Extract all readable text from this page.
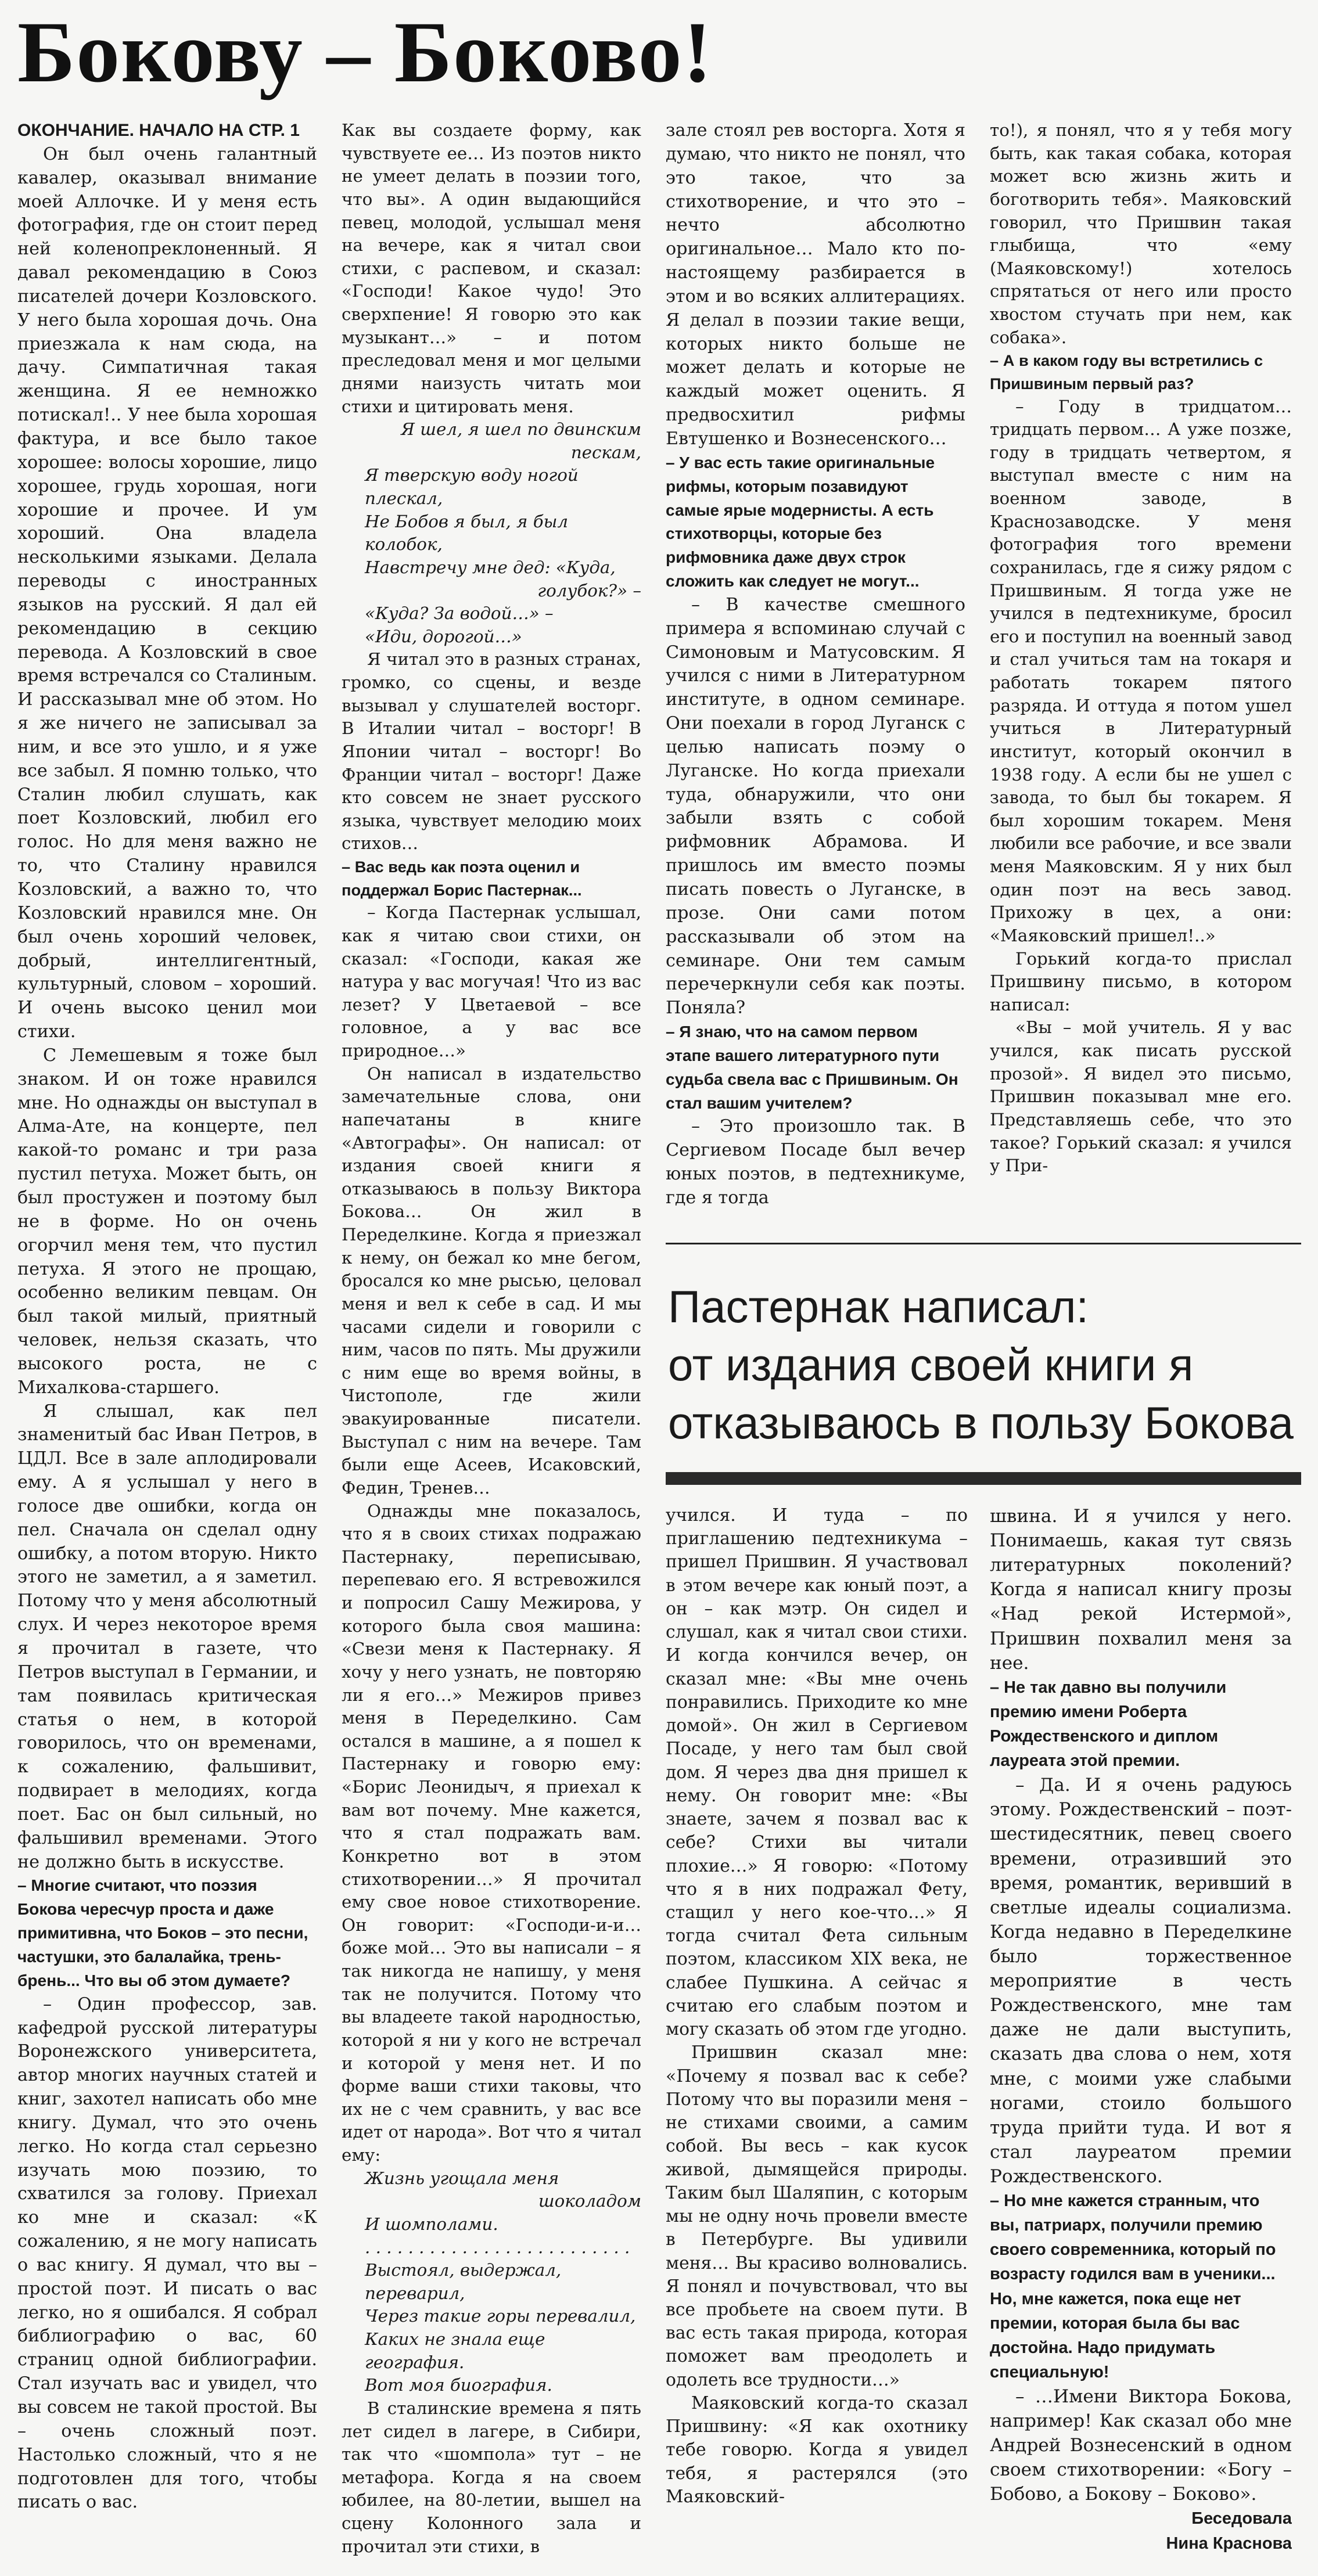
Бокову – Боково!

ОКОНЧАНИЕ. НАЧАЛО НА СТР. 1

Он был очень галантный кавалер, оказывал внимание моей Аллочке. И у меня есть фотография, где он стоит перед ней коленопреклоненный. Я давал рекомендацию в Союз писателей дочери Козловского. У него была хорошая дочь. Она приезжала к нам сюда, на дачу. Симпатичная такая женщина. Я ее немножко потискал!.. У нее была хорошая фактура, и все было такое хорошее: волосы хорошие, лицо хорошее, грудь хорошая, ноги хорошие и прочее. И ум хороший. Она владела несколькими языками. Делала переводы с иностранных языков на русский. Я дал ей рекомендацию в секцию перевода. А Козловский в свое время встречался со Сталиным. И рассказывал мне об этом. Но я же ничего не записывал за ним, и все это ушло, и я уже все забыл. Я помню только, что Сталин любил слушать, как поет Козловский, любил его голос. Но для меня важно не то, что Сталину нравился Козловский, а важно то, что Козловский нравился мне. Он был очень хороший человек, добрый, интеллигентный, культурный, словом – хороший. И очень высоко ценил мои стихи.

С Лемешевым я тоже был знаком. И он тоже нравился мне. Но однажды он выступал в Алма-Ате, на концерте, пел какой-то романс и три раза пустил петуха. Может быть, он был простужен и поэтому был не в форме. Но он очень огорчил меня тем, что пустил петуха. Я этого не прощаю, особенно великим певцам. Он был такой милый, приятный человек, нельзя сказать, что высокого роста, не с Михалкова-старшего.

Я слышал, как пел знаменитый бас Иван Петров, в ЦДЛ. Все в зале аплодировали ему. А я услышал у него в голосе две ошибки, когда он пел. Сначала он сделал одну ошибку, а потом вторую. Никто этого не заметил, а я заметил. Потому что у меня абсолютный слух. И через некоторое время я прочитал в газете, что Петров выступал в Германии, и там появилась критическая статья о нем, в которой говорилось, что он временами, к сожалению, фальшивит, подвирает в мелодиях, когда поет. Бас он был сильный, но фальшивил временами. Этого не должно быть в искусстве.

– Многие считают, что поэзия Бокова чересчур проста и даже примитивна, что Боков – это песни, частушки, это балалайка, трень-брень... Что вы об этом думаете?

– Один профессор, зав. кафедрой русской литературы Воронежского университета, автор многих научных статей и книг, захотел написать обо мне книгу. Думал, что это очень легко. Но когда стал серьезно изучать мою поэзию, то схватился за голову. Приехал ко мне и сказал: «К сожалению, я не могу написать о вас книгу. Я думал, что вы – простой поэт. И писать о вас легко, но я ошибался. Я собрал библиографию о вас, 60 страниц одной библиографии. Стал изучать вас и увидел, что вы совсем не такой простой. Вы – очень сложный поэт. Настолько сложный, что я не подготовлен для того, чтобы писать о вас.

Как вы создаете форму, как чувствуете ее… Из поэтов никто не умеет делать в поэзии того, что вы». А один выдающийся певец, молодой, услышал меня на вечере, как я читал свои стихи, с распевом, и сказал: «Господи! Какое чудо! Это сверхпение! Я говорю это как музыкант…» – и потом преследовал меня и мог целыми днями наизусть читать мои стихи и цитировать меня.

Я шел, я шел по двинским

пескам,

Я тверскую воду ногой плескал,

Не Бобов я был, я был колобок,

Навстречу мне дед: «Куда,

голубок?» –

«Куда? За водой…» –

«Иди, дорогой…»

Я читал это в разных странах, громко, со сцены, и везде вызывал у слушателей восторг. В Италии читал – восторг! В Японии читал – восторг! Во Франции читал – восторг! Даже кто совсем не знает русского языка, чувствует мелодию моих стихов…

– Вас ведь как поэта оценил и поддержал Борис Пастернак...

– Когда Пастернак услышал, как я читаю свои стихи, он сказал: «Господи, какая же натура у вас могучая! Что из вас лезет? У Цветаевой – все головное, а у вас все природное…»

Он написал в издательство замечательные слова, они напечатаны в книге «Автографы». Он написал: от издания своей книги я отказываюсь в пользу Виктора Бокова… Он жил в Переделкине. Когда я приезжал к нему, он бежал ко мне бегом, бросался ко мне рысью, целовал меня и вел к себе в сад. И мы часами сидели и говорили с ним, часов по пять. Мы дружили с ним еще во время войны, в Чистополе, где жили эвакуированные писатели. Выступал с ним на вечере. Там были еще Асеев, Исаковский, Федин, Тренев…

Однажды мне показалось, что я в своих стихах подражаю Пастернаку, переписываю, перепеваю его. Я встревожился и попросил Сашу Межирова, у которого была своя машина: «Свези меня к Пастернаку. Я хочу у него узнать, не повторяю ли я его…» Межиров привез меня в Переделкино. Сам остался в машине, а я пошел к Пастернаку и говорю ему: «Борис Леонидыч, я приехал к вам вот почему. Мне кажется, что я стал подражать вам. Конкретно вот в этом стихотворении…» Я прочитал ему свое новое стихотворение. Он говорит: «Господи-и-и… боже мой… Это вы написали – я так никогда не напишу, у меня так не получится. Потому что вы владеете такой народностью, которой я ни у кого не встречал и которой у меня нет. И по форме ваши стихи таковы, что их не с чем сравнить, у вас все идет от народа». Вот что я читал ему:

Жизнь угощала меня

шоколадом

И шомполами.

. . . . . . . . . . . . . . . . . . . . . . . . .

Выстоял, выдержал, переварил,

Через такие горы перевалил,

Каких не знала еще география.

Вот моя биография.

В сталинские времена я пять лет сидел в лагере, в Сибири, так что «шомпола» тут – не метафора. Когда я на своем юбилее, на 80-летии, вышел на сцену Колонного зала и прочитал эти стихи, в

зале стоял рев восторга. Хотя я думаю, что никто не понял, что это такое, что за стихотворение, и что это – нечто абсолютно оригинальное… Мало кто по-настоящему разбирается в этом и во всяких аллитерациях. Я делал в поэзии такие вещи, которых никто больше не может делать и которые не каждый может оценить. Я предвосхитил рифмы Евтушенко и Вознесенского…

– У вас есть такие оригинальные рифмы, которым позавидуют самые ярые модернисты. А есть стихотворцы, которые без рифмовника даже двух строк сложить как следует не могут...

– В качестве смешного примера я вспоминаю случай с Симоновым и Матусовским. Я учился с ними в Литературном институте, в одном семинаре. Они поехали в город Луганск с целью написать поэму о Луганске. Но когда приехали туда, обнаружили, что они забыли взять с собой рифмовник Абрамова. И пришлось им вместо поэмы писать повесть о Луганске, в прозе. Они сами потом рассказывали об этом на семинаре. Они тем самым перечеркнули себя как поэты. Поняла?

– Я знаю, что на самом первом этапе вашего литературного пути судьба свела вас с Пришвиным. Он стал вашим учителем?

– Это произошло так. В Сергиевом Посаде был вечер юных поэтов, в педтехникуме, где я тогда

то!), я понял, что я у тебя могу быть, как такая собака, которая может всю жизнь жить и боготворить тебя». Маяковский говорил, что Пришвин такая глыбища, что «ему (Маяковскому!) хотелось спрятаться от него или просто хвостом стучать при нем, как собака».

– А в каком году вы встретились с Пришвиным первый раз?

– Году в тридцатом… тридцать первом… А уже позже, году в тридцать четвертом, я выступал вместе с ним на военном заводе, в Краснозаводске. У меня фотография того времени сохранилась, где я сижу рядом с Пришвиным. Я тогда уже не учился в педтехникуме, бросил его и поступил на военный завод и стал учиться там на токаря и работать токарем пятого разряда. И оттуда я потом ушел учиться в Литературный институт, который окончил в 1938 году. А если бы не ушел с завода, то был бы токарем. Я был хорошим токарем. Меня любили все рабочие, и все звали меня Маяковским. Я у них был один поэт на весь завод. Прихожу в цех, а они: «Маяковский пришел!..»

Горький когда-то прислал Пришвину письмо, в котором написал:

«Вы – мой учитель. Я у вас учился, как писать русской прозой». Я видел это письмо, Пришвин показывал мне его. Представляешь себе, что это такое? Горький сказал: я учился у При-

Пастернак написал:
от издания своей книги я
отказываюсь в пользу Бокова

учился. И туда – по приглашению педтехникума – пришел Пришвин. Я участвовал в этом вечере как юный поэт, а он – как мэтр. Он сидел и слушал, как я читал свои стихи. И когда кончился вечер, он сказал мне: «Вы мне очень понравились. Приходите ко мне домой». Он жил в Сергиевом Посаде, у него там был свой дом. Я через два дня пришел к нему. Он говорит мне: «Вы знаете, зачем я позвал вас к себе? Стихи вы читали плохие…» Я говорю: «Потому что я в них подражал Фету, стащил у него кое-что…» Я тогда считал Фета сильным поэтом, классиком XIX века, не слабее Пушкина. А сейчас я считаю его слабым поэтом и могу сказать об этом где угодно.

Пришвин сказал мне: «Почему я позвал вас к себе? Потому что вы поразили меня – не стихами своими, а самим собой. Вы весь – как кусок живой, дымящейся природы. Таким был Шаляпин, с которым мы не одну ночь провели вместе в Петербурге. Вы удивили меня… Вы красиво волновались. Я понял и почувствовал, что вы все пробьете на своем пути. В вас есть такая природа, которая поможет вам преодолеть и одолеть все трудности…»

Маяковский когда-то сказал Пришвину: «Я как охотнику тебе говорю. Когда я увидел тебя, я растерялся (это Маяковский-

швина. И я учился у него. Понимаешь, какая тут связь литературных поколений? Когда я написал книгу прозы «Над рекой Истермой», Пришвин похвалил меня за нее.

– Не так давно вы получили премию имени Роберта Рождественского и диплом лауреата этой премии.

– Да. И я очень радуюсь этому. Рождественский – поэт-шестидесятник, певец своего времени, отразивший это время, романтик, веривший в светлые идеалы социализма. Когда недавно в Переделкине было торжественное мероприятие в честь Рождественского, мне там даже не дали выступить, сказать два слова о нем, хотя мне, с моими уже слабыми ногами, стоило большого труда прийти туда. И вот я стал лауреатом премии Рождественского.

– Но мне кажется странным, что вы, патриарх, получили премию своего современника, который по возрасту годился вам в ученики... Но, мне кажется, пока еще нет премии, которая была бы вас достойна. Надо придумать специальную!

– …Имени Виктора Бокова, например! Как сказал обо мне Андрей Вознесенский в одном своем стихотворении: «Богу – Бобово, а Бокову – Боково».

Беседовала

Нина Краснова
